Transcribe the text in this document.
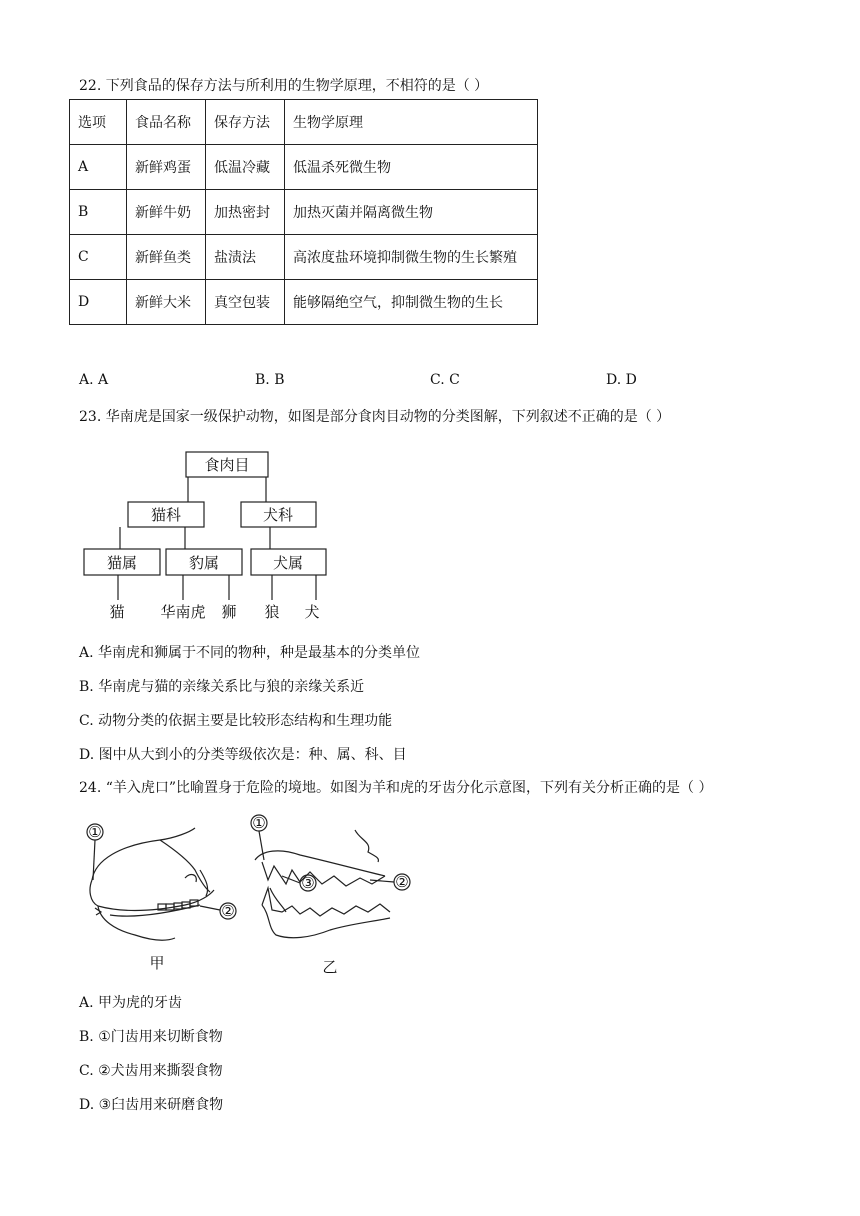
22. 下列食品的保存方法与所利用的生物学原理，不相符的是（ ）
选项	食品名称	保存方法	生物学原理
A	新鲜鸡蛋	低温冷藏	低温杀死微生物
B	新鲜牛奶	加热密封	加热灭菌并隔离微生物
C	新鲜鱼类	盐渍法	高浓度盐环境抑制微生物的生长繁殖
D	新鲜大米	真空包装	能够隔绝空气，抑制微生物的生长
A. A	B. B	C. C	D. D
23. 华南虎是国家一级保护动物，如图是部分食肉目动物的分类图解，下列叙述不正确的是（ ）
食肉目
猫科	犬科
猫属	豹属	犬属
猫 华南虎 狮 狼 犬
A. 华南虎和狮属于不同的物种，种是最基本的分类单位
B. 华南虎与猫的亲缘关系比与狼的亲缘关系近
C. 动物分类的依据主要是比较形态结构和生理功能
D. 图中从大到小的分类等级依次是：种、属、科、目
24. “羊入虎口”比喻置身于危险的境地。如图为羊和虎的牙齿分化示意图，下列有关分析正确的是（ ）
①
②
甲
①
③	②
乙
A. 甲为虎的牙齿
B. ①门齿用来切断食物
C. ②犬齿用来撕裂食物
D. ③臼齿用来研磨食物
